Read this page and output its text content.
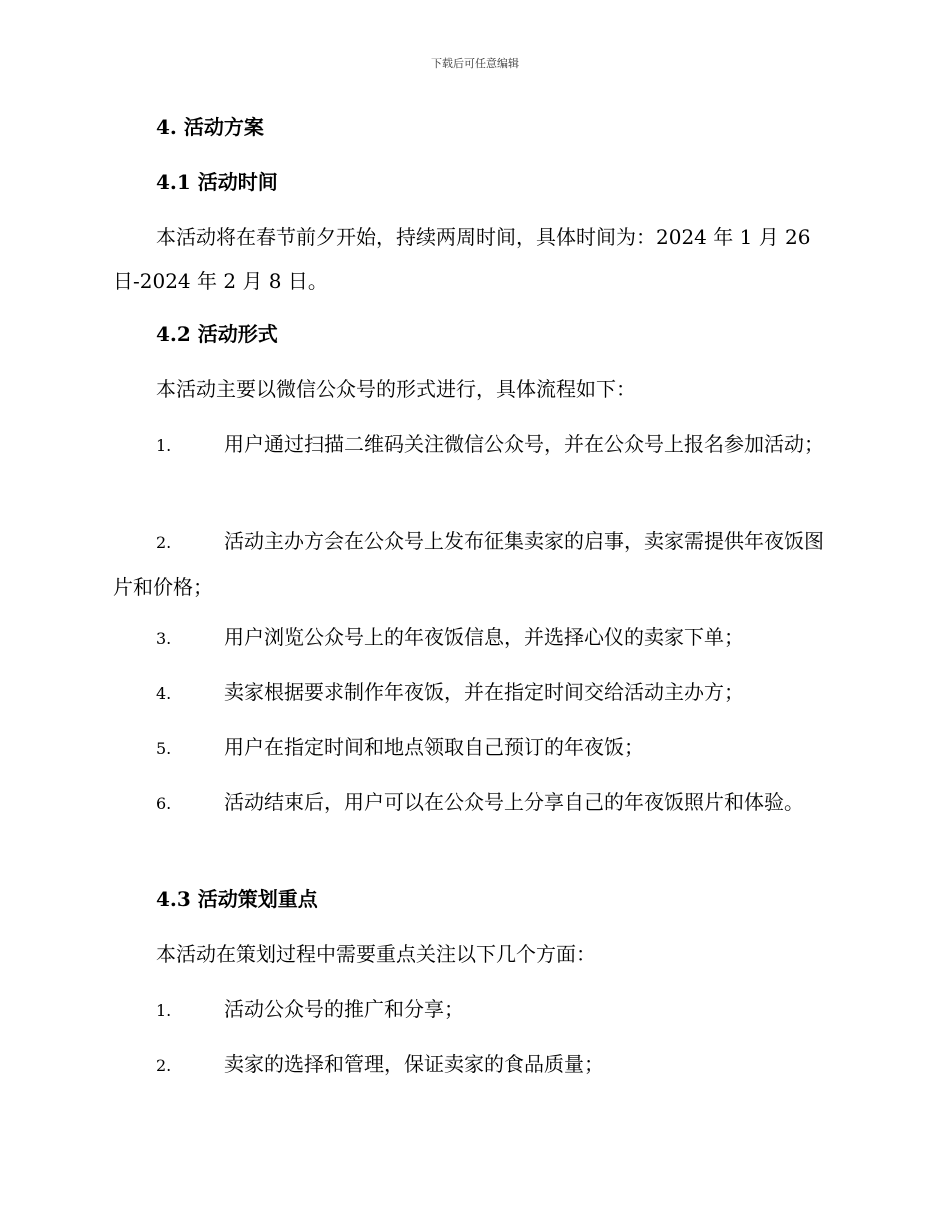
下载后可任意编辑
4. 活动方案
4.1 活动时间
本活动将在春节前夕开始，持续两周时间，具体时间为：2024 年 1 月 26 日-2024 年 2 月 8 日。
4.2 活动形式
本活动主要以微信公众号的形式进行，具体流程如下：
1.	用户通过扫描二维码关注微信公众号，并在公众号上报名参加活动；
2.	活动主办方会在公众号上发布征集卖家的启事，卖家需提供年夜饭图片和价格；
3.	用户浏览公众号上的年夜饭信息，并选择心仪的卖家下单；
4.	卖家根据要求制作年夜饭，并在指定时间交给活动主办方；
5.	用户在指定时间和地点领取自己预订的年夜饭；
6.	活动结束后，用户可以在公众号上分享自己的年夜饭照片和体验。
4.3 活动策划重点
本活动在策划过程中需要重点关注以下几个方面：
1.	活动公众号的推广和分享；
2.	卖家的选择和管理，保证卖家的食品质量；
